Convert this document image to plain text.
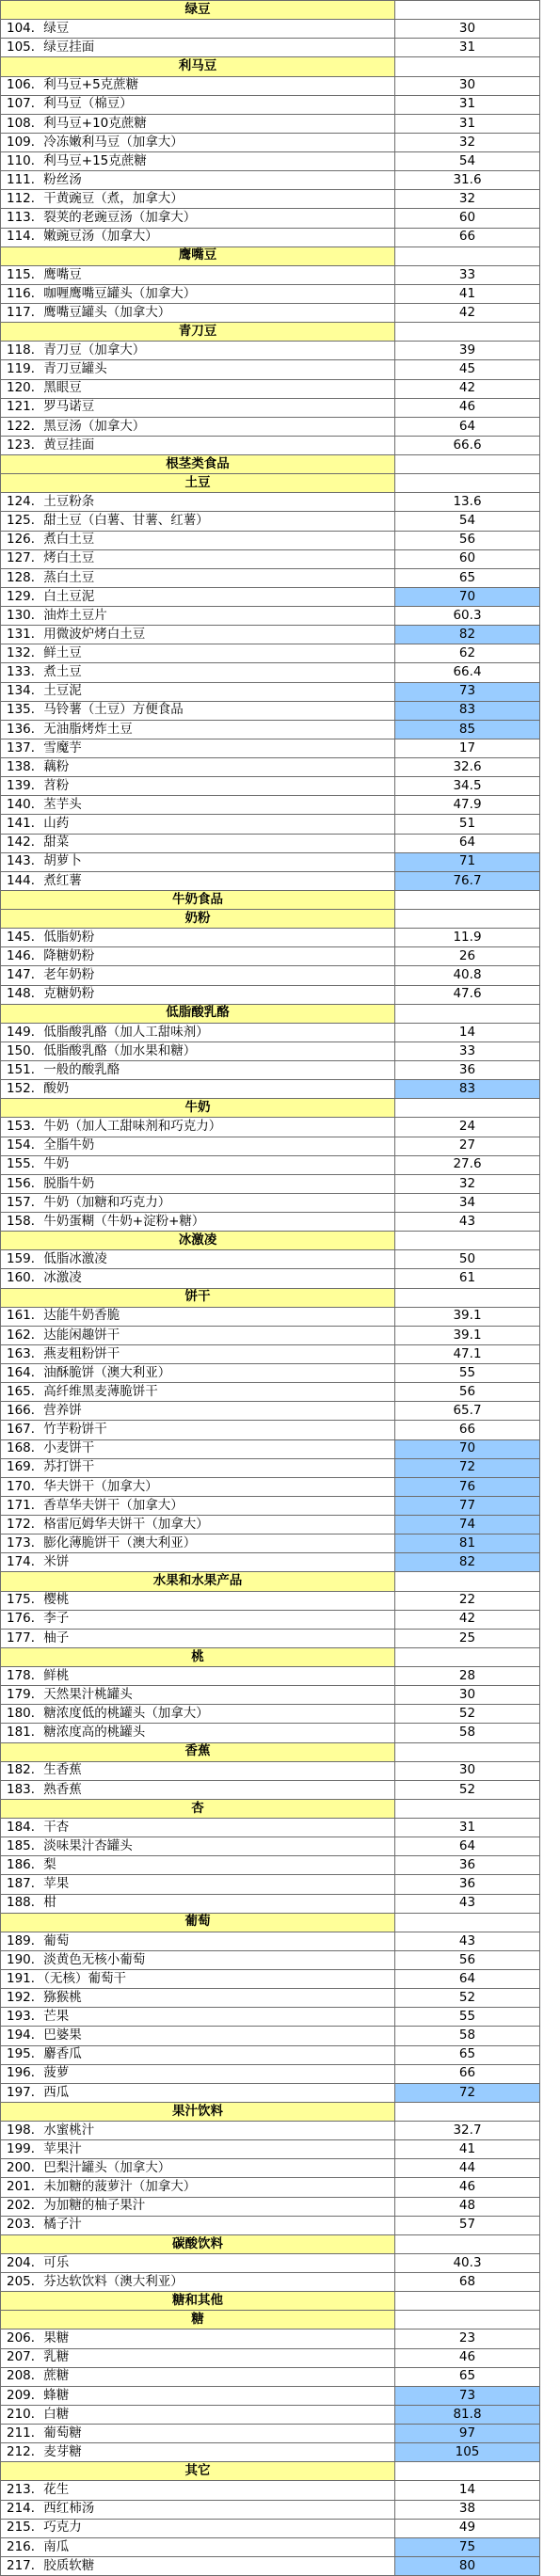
绿豆	
104．绿豆	30
105．绿豆挂面	31
利马豆	
106．利马豆+5克蔗糖	30
107．利马豆（棉豆）	31
108．利马豆+10克蔗糖	31
109．冷冻嫩利马豆（加拿大）	32
110．利马豆+15克蔗糖	54
111．粉丝汤	31.6
112．干黄豌豆（煮，加拿大）	32
113．裂荚的老豌豆汤（加拿大）	60
114．嫩豌豆汤（加拿大）	66
鹰嘴豆	
115．鹰嘴豆	33
116．咖喱鹰嘴豆罐头（加拿大）	41
117．鹰嘴豆罐头（加拿大）	42
青刀豆	
118．青刀豆（加拿大）	39
119．青刀豆罐头	45
120．黑眼豆	42
121．罗马诺豆	46
122．黑豆汤（加拿大）	64
123．黄豆挂面	66.6
根茎类食品	
土豆	
124．土豆粉条	13.6
125．甜土豆（白薯、甘薯、红薯）	54
126．煮白土豆	56
127．烤白土豆	60
128．蒸白土豆	65
129．白土豆泥	70
130．油炸土豆片	60.3
131．用微波炉烤白土豆	82
132．鲜土豆	62
133．煮土豆	66.4
134．土豆泥	73
135．马铃薯（土豆）方便食品	83
136．无油脂烤炸土豆	85
137．雪魔芋	17
138．藕粉	32.6
139．苕粉	34.5
140．苤芋头	47.9
141．山药	51
142．甜菜	64
143．胡萝卜	71
144．煮红薯	76.7
牛奶食品	
奶粉	
145．低脂奶粉	11.9
146．降糖奶粉	26
147．老年奶粉	40.8
148．克糖奶粉	47.6
低脂酸乳酪	
149．低脂酸乳酪（加人工甜味剂）	14
150．低脂酸乳酪（加水果和糖）	33
151．一般的酸乳酪	36
152．酸奶	83
牛奶	
153．牛奶（加人工甜味剂和巧克力）	24
154．全脂牛奶	27
155．牛奶	27.6
156．脱脂牛奶	32
157．牛奶（加糖和巧克力）	34
158．牛奶蛋糊（牛奶+淀粉+糖）	43
冰激凌	
159．低脂冰激凌	50
160．冰激凌	61
饼干	
161．达能牛奶香脆	39.1
162．达能闲趣饼干	39.1
163．燕麦粗粉饼干	47.1
164．油酥脆饼（澳大利亚）	55
165．高纤维黑麦薄脆饼干	56
166．营养饼	65.7
167．竹芋粉饼干	66
168．小麦饼干	70
169．苏打饼干	72
170．华夫饼干（加拿大）	76
171．香草华夫饼干（加拿大）	77
172．格雷厄姆华夫饼干（加拿大）	74
173．膨化薄脆饼干（澳大利亚）	81
174．米饼	82
水果和水果产品	
175．樱桃	22
176．李子	42
177．柚子	25
桃	
178．鲜桃	28
179．天然果汁桃罐头	30
180．糖浓度低的桃罐头（加拿大）	52
181．糖浓度高的桃罐头	58
香蕉	
182．生香蕉	30
183．熟香蕉	52
杏	
184．干杏	31
185．淡味果汁杏罐头	64
186．梨	36
187．苹果	36
188．柑	43
葡萄	
189．葡萄	43
190．淡黄色无核小葡萄	56
191．（无核）葡萄干	64
192．猕猴桃	52
193．芒果	55
194．巴婆果	58
195．麝香瓜	65
196．菠萝	66
197．西瓜	72
果汁饮料	
198．水蜜桃汁	32.7
199．苹果汁	41
200．巴梨汁罐头（加拿大）	44
201．未加糖的菠萝汁（加拿大）	46
202．为加糖的柚子果汁	48
203．橘子汁	57
碳酸饮料	
204．可乐	40.3
205．芬达软饮料（澳大利亚）	68
糖和其他	
糖	
206．果糖	23
207．乳糖	46
208．蔗糖	65
209．蜂糖	73
210．白糖	81.8
211．葡萄糖	97
212．麦芽糖	105
其它	
213．花生	14
214．西红柿汤	38
215．巧克力	49
216．南瓜	75
217．胶质软糖	80
